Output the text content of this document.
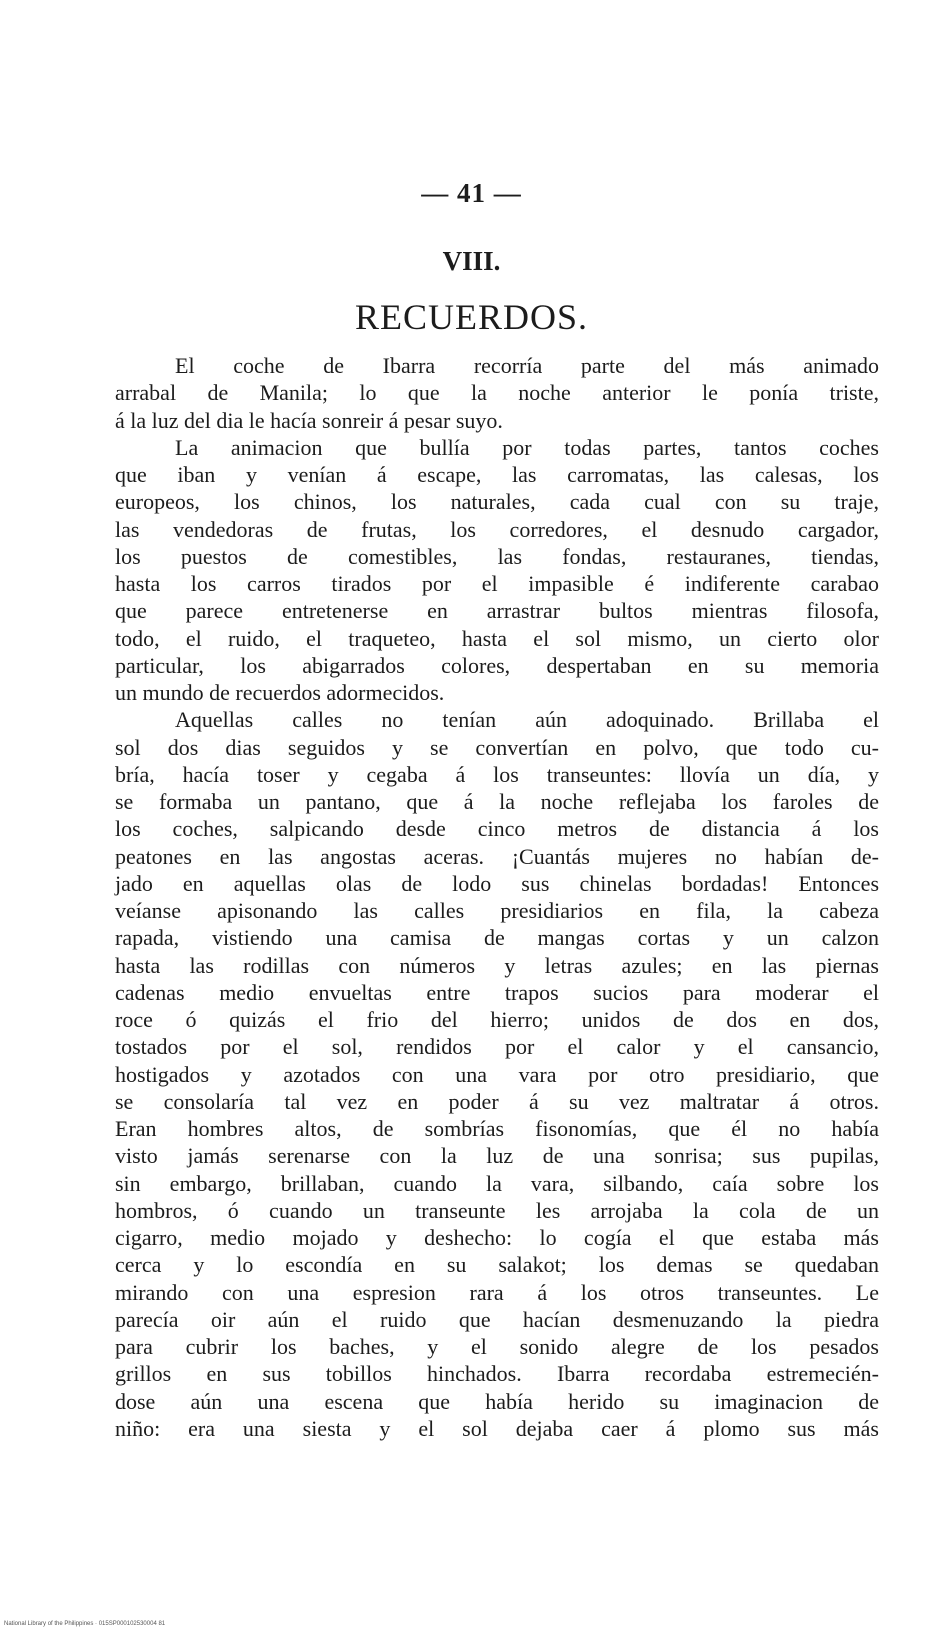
— 41 —
VIII.
RECUERDOS.
El coche de Ibarra recorría parte del más animado
arrabal de Manila; lo que la noche anterior le ponía triste,
á la luz del dia le hacía sonreir á pesar suyo.
La animacion que bullía por todas partes, tantos coches
que iban y venían á escape, las carromatas, las calesas, los
europeos, los chinos, los naturales, cada cual con su traje,
las vendedoras de frutas, los corredores, el desnudo cargador,
los puestos de comestibles, las fondas, restauranes, tiendas,
hasta los carros tirados por el impasible é indiferente carabao
que parece entretenerse en arrastrar bultos mientras filosofa,
todo, el ruido, el traqueteo, hasta el sol mismo, un cierto olor
particular, los abigarrados colores, despertaban en su memoria
un mundo de recuerdos adormecidos.
Aquellas calles no tenían aún adoquinado. Brillaba el
sol dos dias seguidos y se convertían en polvo, que todo cu-
bría, hacía toser y cegaba á los transeuntes: llovía un día, y
se formaba un pantano, que á la noche reflejaba los faroles de
los coches, salpicando desde cinco metros de distancia á los
peatones en las angostas aceras. ¡Cuantás mujeres no habían de-
jado en aquellas olas de lodo sus chinelas bordadas! Entonces
veíanse apisonando las calles presidiarios en fila, la cabeza
rapada, vistiendo una camisa de mangas cortas y un calzon
hasta las rodillas con números y letras azules; en las piernas
cadenas medio envueltas entre trapos sucios para moderar el
roce ó quizás el frio del hierro; unidos de dos en dos,
tostados por el sol, rendidos por el calor y el cansancio,
hostigados y azotados con una vara por otro presidiario, que
se consolaría tal vez en poder á su vez maltratar á otros.
Eran hombres altos, de sombrías fisonomías, que él no había
visto jamás serenarse con la luz de una sonrisa; sus pupilas,
sin embargo, brillaban, cuando la vara, silbando, caía sobre los
hombros, ó cuando un transeunte les arrojaba la cola de un
cigarro, medio mojado y deshecho: lo cogía el que estaba más
cerca y lo escondía en su salakot; los demas se quedaban
mirando con una espresion rara á los otros transeuntes. Le
parecía oir aún el ruido que hacían desmenuzando la piedra
para cubrir los baches, y el sonido alegre de los pesados
grillos en sus tobillos hinchados. Ibarra recordaba estremecién-
dose aún una escena que había herido su imaginacion de
niño: era una siesta y el sol dejaba caer á plomo sus más
National Library of the Philippines · 015SP000102530004 81
